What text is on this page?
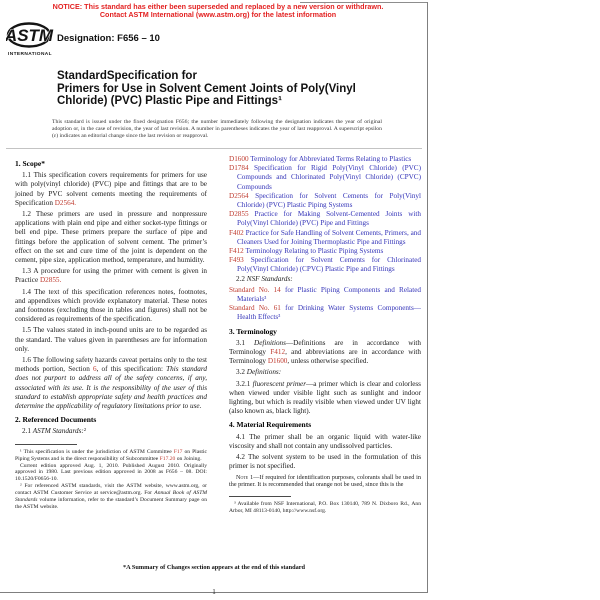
NOTICE: This standard has either been superseded and replaced by a new version or withdrawn.
Contact ASTM International (www.astm.org) for the latest information
ASTM
INTERNATIONAL
Designation: F656 – 10
StandardSpecification for
Primers for Use in Solvent Cement Joints of Poly(Vinyl
Chloride) (PVC) Plastic Pipe and Fittings¹
This standard is issued under the fixed designation F656; the number immediately following the designation indicates the year of original adoption or, in the case of revision, the year of last revision. A number in parentheses indicates the year of last reapproval. A superscript epsilon (ε) indicates an editorial change since the last revision or reapproval.
1. Scope*
1.1 This specification covers requirements for primers for use with poly(vinyl chloride) (PVC) pipe and fittings that are to be joined by PVC solvent cements meeting the requirements of Specification D2564.
1.2 These primers are used in pressure and nonpressure applications with plain end pipe and either socket-type fittings or bell end pipe. These primers prepare the surface of pipe and fittings before the application of solvent cement. The primer’s effect on the set and cure time of the joint is dependent on the cement, pipe size, application method, temperature, and humidity.
1.3 A procedure for using the primer with cement is given in Practice D2855.
1.4 The text of this specification references notes, footnotes, and appendixes which provide explanatory material. These notes and footnotes (excluding those in tables and figures) shall not be considered as requirements of the specification.
1.5 The values stated in inch-pound units are to be regarded as the standard. The values given in parentheses are for information only.
1.6 The following safety hazards caveat pertains only to the test methods portion, Section 6, of this specification: This standard does not purport to address all of the safety concerns, if any, associated with its use. It is the responsibility of the user of this standard to establish appropriate safety and health practices and determine the applicability of regulatory limitations prior to use.
2. Referenced Documents
2.1 ASTM Standards:²
¹ This specification is under the jurisdiction of ASTM Committee F17 on Plastic Piping Systems and is the direct responsibility of Subcommittee F17.20 on Joining.
Current edition approved Aug. 1, 2010. Published August 2010. Originally approved in 1980. Last previous edition approved in 2008 as F656 – 08. DOI: 10.1520/F0656-10.
² For referenced ASTM standards, visit the ASTM website, www.astm.org, or contact ASTM Customer Service at service@astm.org. For Annual Book of ASTM Standards volume information, refer to the standard’s Document Summary page on the ASTM website.
D1600 Terminology for Abbreviated Terms Relating to Plastics
D1784 Specification for Rigid Poly(Vinyl Chloride) (PVC) Compounds and Chlorinated Poly(Vinyl Chloride) (CPVC) Compounds
D2564 Specification for Solvent Cements for Poly(Vinyl Chloride) (PVC) Plastic Piping Systems
D2855 Practice for Making Solvent-Cemented Joints with Poly(Vinyl Chloride) (PVC) Pipe and Fittings
F402 Practice for Safe Handling of Solvent Cements, Primers, and Cleaners Used for Joining Thermoplastic Pipe and Fittings
F412 Terminology Relating to Plastic Piping Systems
F493 Specification for Solvent Cements for Chlorinated Poly(Vinyl Chloride) (CPVC) Plastic Pipe and Fittings
2.2 NSF Standards:
Standard No. 14 for Plastic Piping Components and Related Materials³
Standard No. 61 for Drinking Water Systems Components—Health Effects³
3. Terminology
3.1 Definitions—Definitions are in accordance with Terminology F412, and abbreviations are in accordance with Terminology D1600, unless otherwise specified.
3.2 Definitions:
3.2.1 fluorescent primer—a primer which is clear and colorless when viewed under visible light such as sunlight and indoor lighting, but which is readily visible when viewed under UV light (also known as, black light).
4. Material Requirements
4.1 The primer shall be an organic liquid with water-like viscosity and shall not contain any undissolved particles.
4.2 The solvent system to be used in the formulation of this primer is not specified.
Note 1—If required for identification purposes, colorants shall be used in the primer. It is recommended that orange not be used, since this is the
³ Available from NSF International, P.O. Box 130140, 789 N. Dixboro Rd., Ann Arbor, MI 48113-0140, http://www.nsf.org.
*A Summary of Changes section appears at the end of this standard
1
